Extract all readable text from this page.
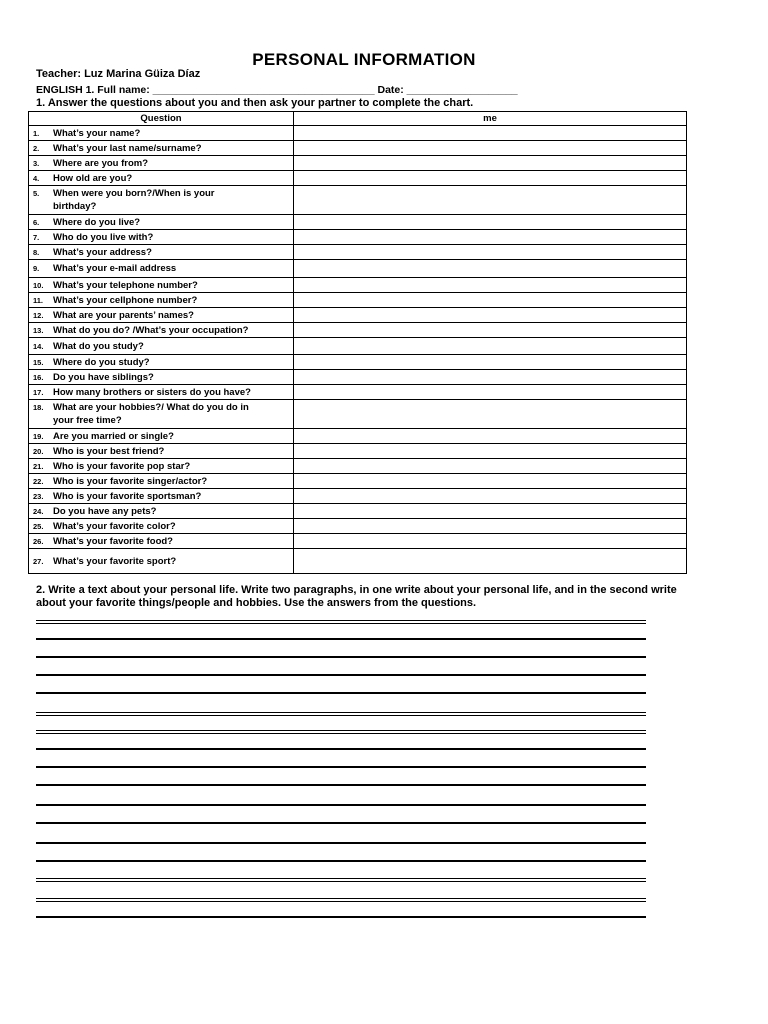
PERSONAL INFORMATION
Teacher: Luz Marina Güiza Díaz
ENGLISH 1. Full name: ______________________________________ Date: ___________________
1. Answer the questions about you and then ask your partner to complete the chart.
Question	me
1. What’s your name?	
2. What’s your last name/surname?	
3. Where are you from?	
4. How old are you?	
5. When were you born?/When is your
birthday?	
6. Where do you live?	
7. Who do you live with?	
8. What’s your address?	
9. What’s your e-mail address	
10. What’s your telephone number?	
11. What’s your cellphone number?	
12. What are your parents’ names?	
13. What do you do? /What’s your occupation?	
14. What do you study?	
15. Where do you study?	
16. Do you have siblings?	
17. How many brothers or sisters do you have?	
18. What are your hobbies?/ What do you do in
your free time?	
19. Are you married or single?	
20. Who is your best friend?	
21. Who is your favorite pop star?	
22. Who is your favorite singer/actor?	
23. Who is your favorite sportsman?	
24. Do you have any pets?	
25. What’s your favorite color?	
26. What’s your favorite food?	
27. What’s your favorite sport?	
2. Write a text about your personal life. Write two paragraphs, in one write about your personal life, and in the second write about your favorite things/people and hobbies. Use the answers from the questions.
